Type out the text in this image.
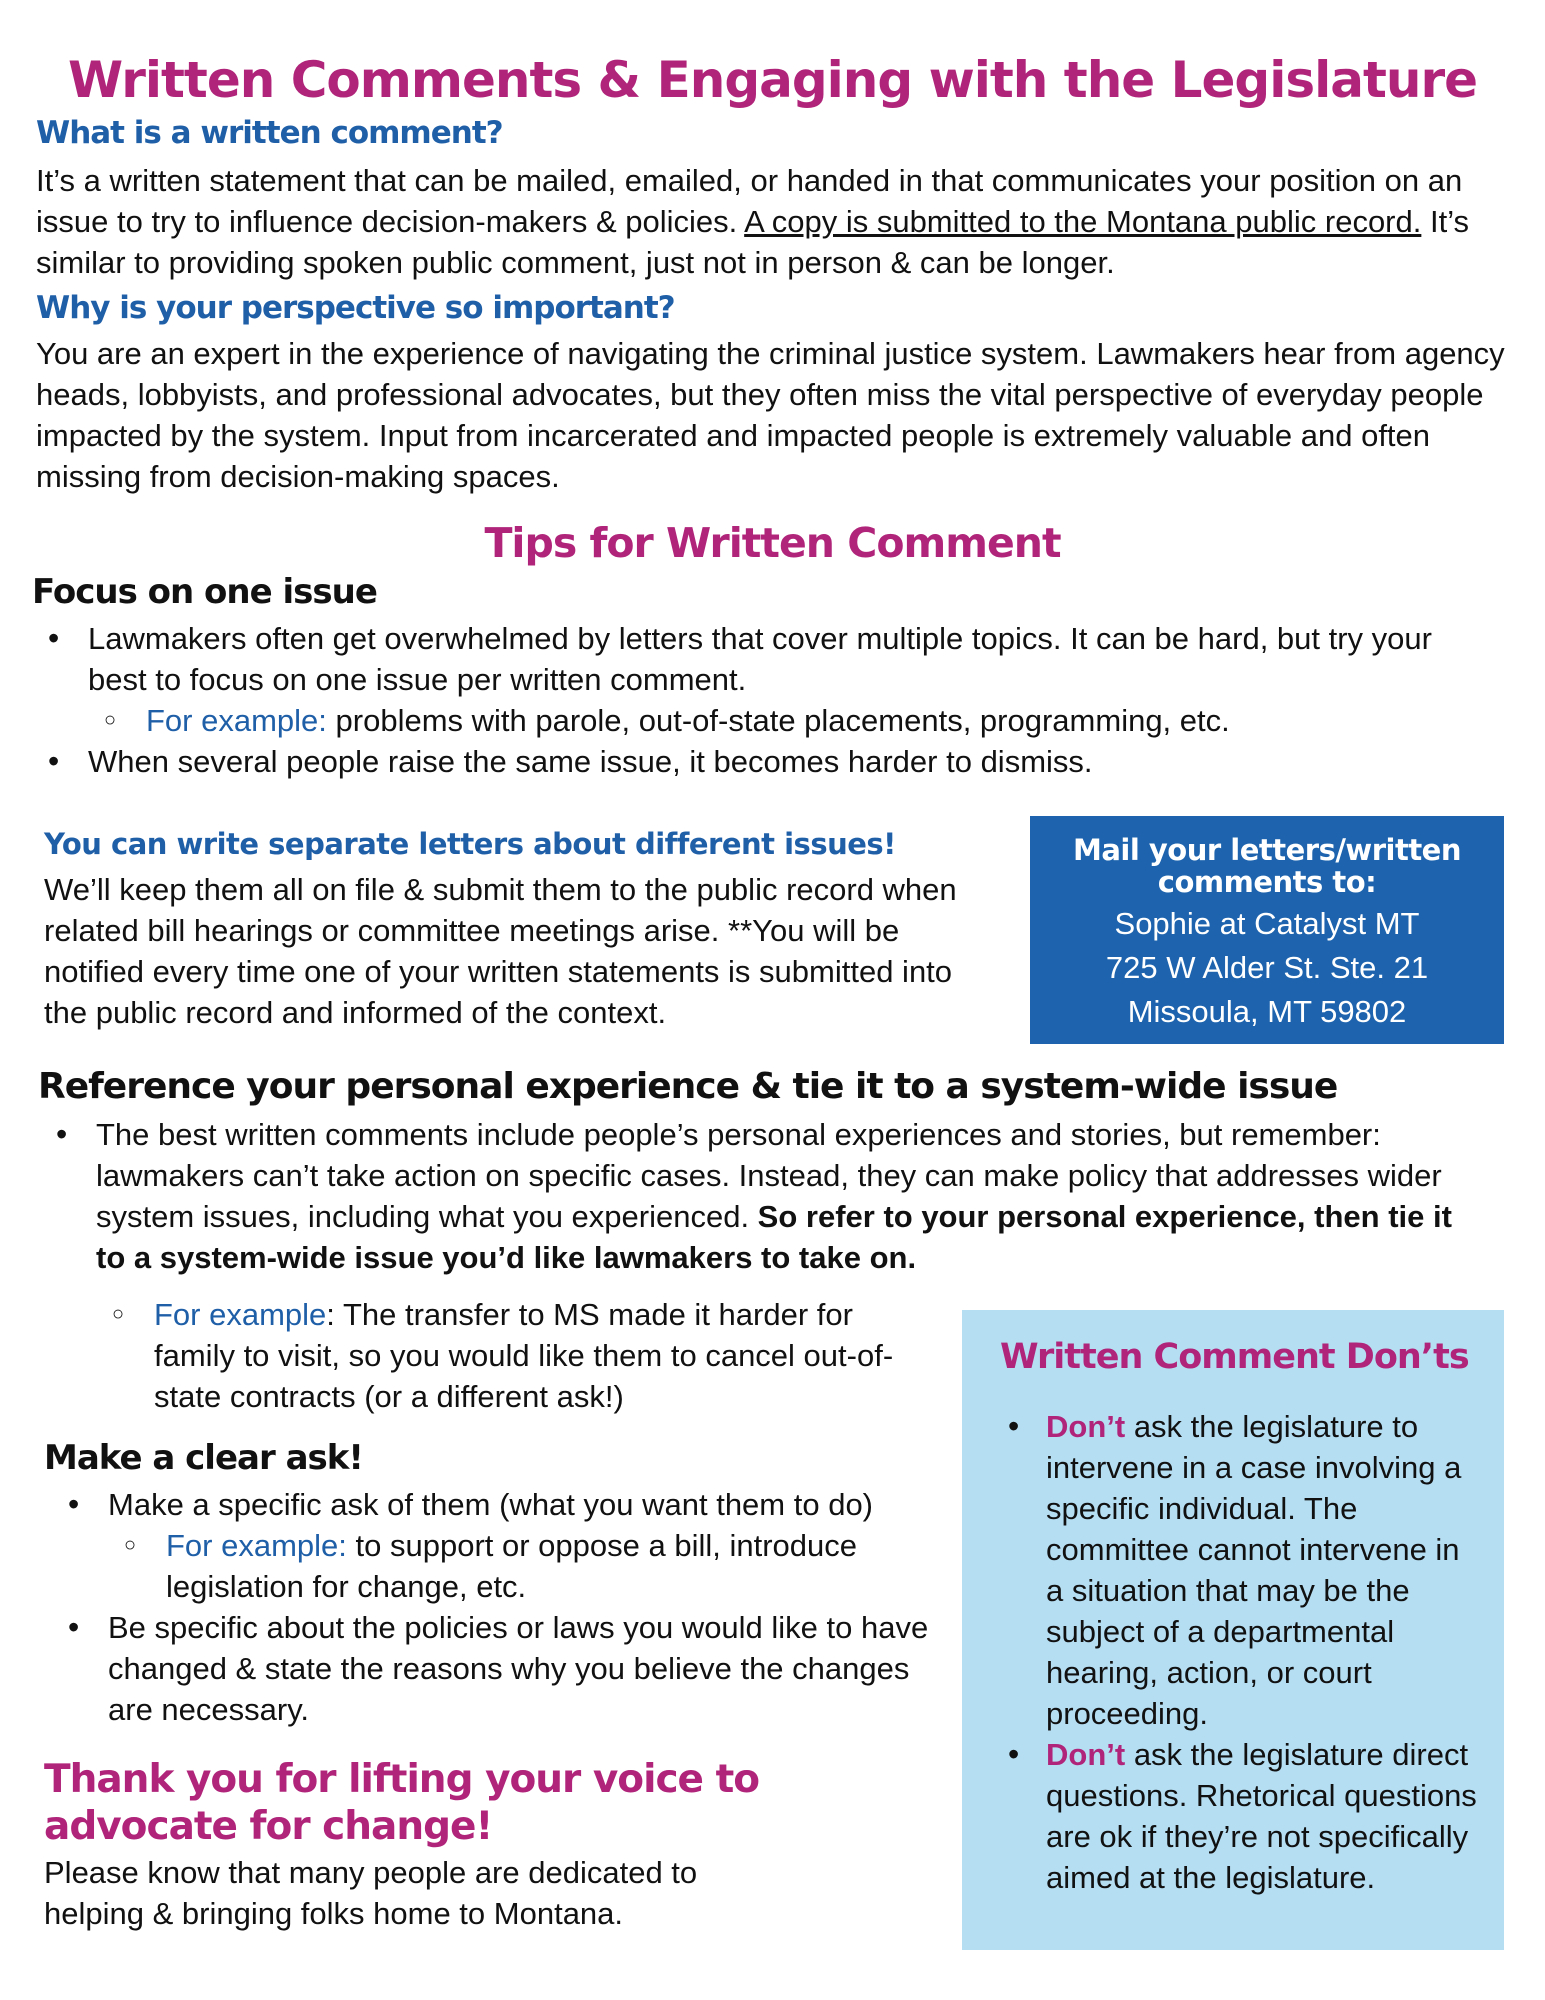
Written Comments & Engaging with the Legislature
What is a written comment?
It’s a written statement that can be mailed, emailed, or handed in that communicates your position on an issue to try to influence decision-makers & policies. A copy is submitted to the Montana public record. It’s similar to providing spoken public comment, just not in person & can be longer.
Why is your perspective so important?
You are an expert in the experience of navigating the criminal justice system. Lawmakers hear from agency heads, lobbyists, and professional advocates, but they often miss the vital perspective of everyday people impacted by the system. Input from incarcerated and impacted people is extremely valuable and often missing from decision-making spaces.
Tips for Written Comment
Focus on one issue
• Lawmakers often get overwhelmed by letters that cover multiple topics. It can be hard, but try your best to focus on one issue per written comment.
○ For example: problems with parole, out-of-state placements, programming, etc.
• When several people raise the same issue, it becomes harder to dismiss.
You can write separate letters about different issues!
We’ll keep them all on file & submit them to the public record when related bill hearings or committee meetings arise. **You will be notified every time one of your written statements is submitted into the public record and informed of the context.
Mail your letters/written comments to:
Sophie at Catalyst MT
725 W Alder St. Ste. 21
Missoula, MT 59802
Reference your personal experience & tie it to a system-wide issue
• The best written comments include people’s personal experiences and stories, but remember: lawmakers can’t take action on specific cases. Instead, they can make policy that addresses wider system issues, including what you experienced. So refer to your personal experience, then tie it to a system-wide issue you’d like lawmakers to take on.
○ For example: The transfer to MS made it harder for family to visit, so you would like them to cancel out-of-state contracts (or a different ask!)
Make a clear ask!
• Make a specific ask of them (what you want them to do)
○ For example: to support or oppose a bill, introduce legislation for change, etc.
• Be specific about the policies or laws you would like to have changed & state the reasons why you believe the changes are necessary.
Thank you for lifting your voice to advocate for change!
Please know that many people are dedicated to helping & bringing folks home to Montana.
Written Comment Don’ts
• Don’t ask the legislature to intervene in a case involving a specific individual. The committee cannot intervene in a situation that may be the subject of a departmental hearing, action, or court proceeding.
• Don’t ask the legislature direct questions. Rhetorical questions are ok if they’re not specifically aimed at the legislature.
